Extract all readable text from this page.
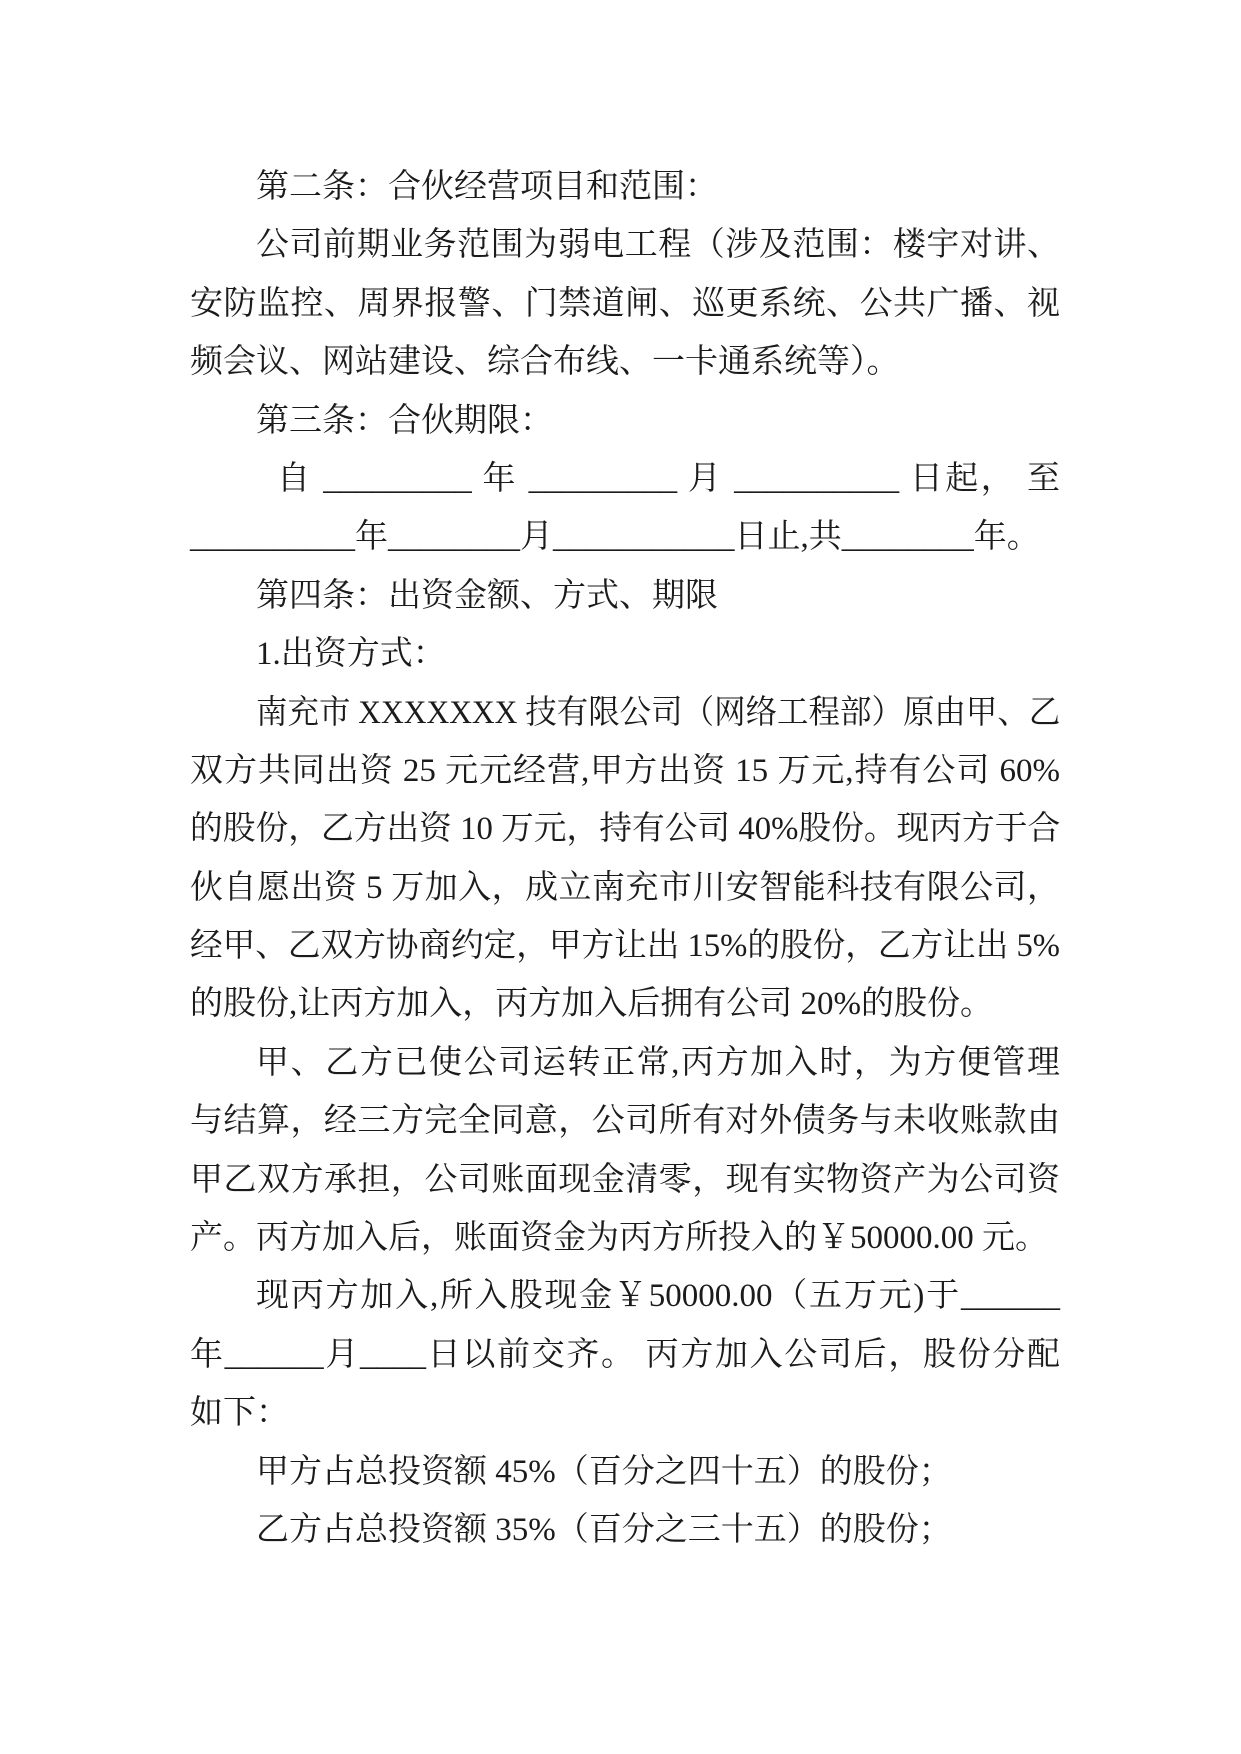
第二条：合伙经营项目和范围：
公司前期业务范围为弱电工程（涉及范围：楼宇对讲、
安防监控、周界报警、门禁道闸、巡更系统、公共广播、视
频会议、网站建设、综合布线、一卡通系统等）。
第三条：合伙期限：
自 _________ 年 _________ 月 __________ 日起， 至
__________年________月___________日止,共________年。
第四条：出资金额、方式、期限
1.出资方式：
南充市 XXXXXXX 技有限公司（网络工程部）原由甲、乙
双方共同出资 25 元元经营,甲方出资 15 万元,持有公司 60%
的股份，乙方出资 10 万元，持有公司 40%股份。现丙方于合
伙自愿出资 5 万加入，成立南充市川安智能科技有限公司，
经甲、乙双方协商约定，甲方让出 15%的股份，乙方让出 5%
的股份,让丙方加入，丙方加入后拥有公司 20%的股份。
甲、乙方已使公司运转正常,丙方加入时，为方便管理
与结算，经三方完全同意，公司所有对外债务与未收账款由
甲乙双方承担，公司账面现金清零，现有实物资产为公司资
产。丙方加入后，账面资金为丙方所投入的￥50000.00 元。
现丙方加入,所入股现金￥50000.00（五万元)于______
年______月____日以前交齐。 丙方加入公司后，股份分配
如下：
甲方占总投资额 45%（百分之四十五）的股份；
乙方占总投资额 35%（百分之三十五）的股份；
